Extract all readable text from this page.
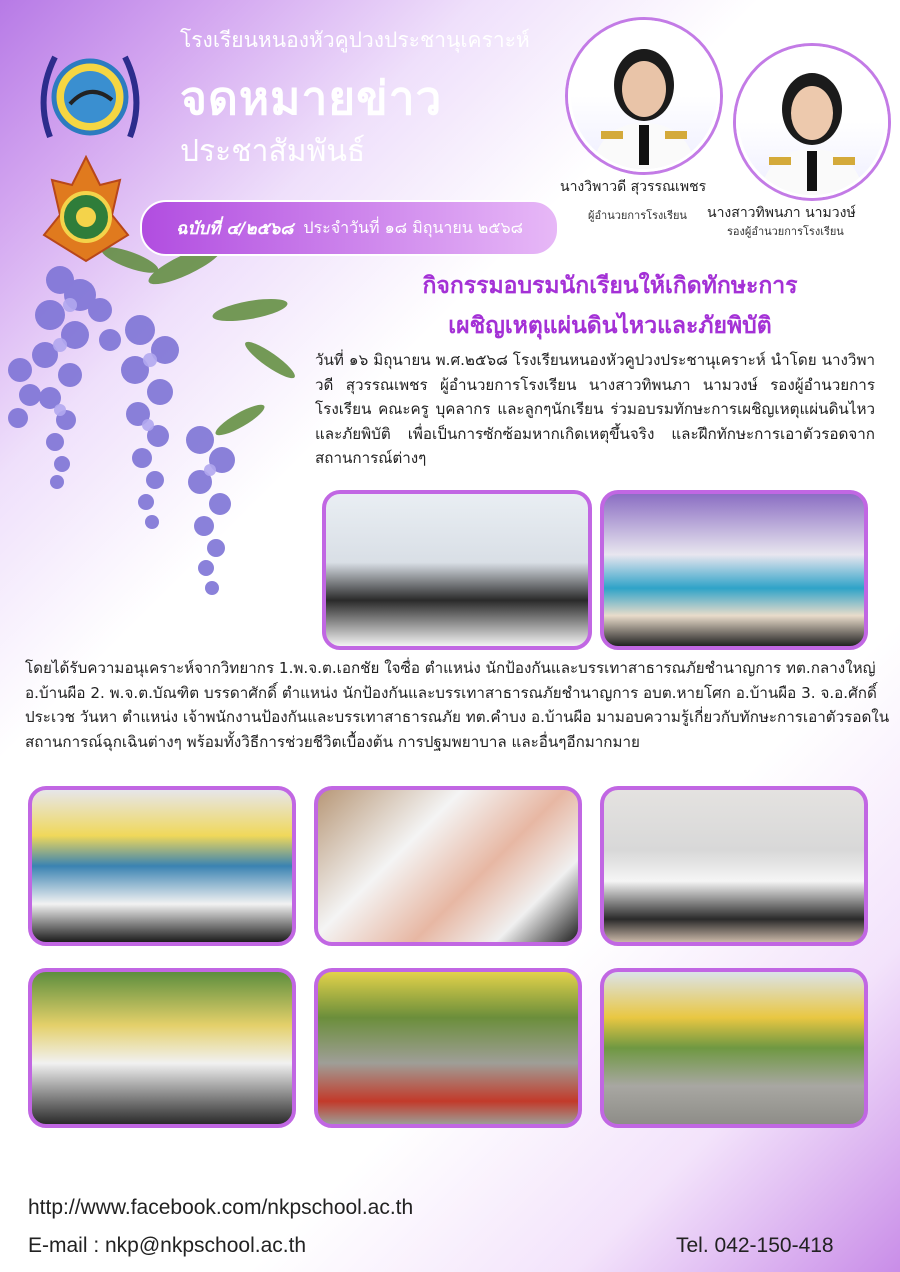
โรงเรียนหนองหัวคูปวงประชานุเคราะห์
จดหมายข่าว
ประชาสัมพันธ์
ฉบับที่ ๔/๒๕๖๘ ประจำวันที่ ๑๘ มิถุนายน ๒๕๖๘
นางวิพาวดี สุวรรณเพชร
ผู้อำนวยการโรงเรียน นางสาวทิพนภา นามวงษ์
รองผู้อำนวยการโรงเรียน
กิจกรรมอบรมนักเรียนให้เกิดทักษะการ
เผชิญเหตุแผ่นดินไหวและภัยพิบัติ
วันที่ ๑๖ มิถุนายน พ.ศ.๒๕๖๘ โรงเรียนหนองหัวคูปวงประชานุเคราะห์ นำโดย นางวิพาวดี สุวรรณเพชร ผู้อำนวยการโรงเรียน นางสาวทิพนภา นามวงษ์ รองผู้อำนวยการโรงเรียน คณะครู บุคลากร และลูกๆนักเรียน ร่วมอบรมทักษะการเผชิญเหตุแผ่นดินไหวและภัยพิบัติ เพื่อเป็นการซักซ้อมหากเกิดเหตุขึ้นจริง และฝึกทักษะการเอาตัวรอดจากสถานการณ์ต่างๆ
โดยได้รับความอนุเคราะห์จากวิทยากร 1.พ.จ.ต.เอกชัย ใจซื่อ ตำแหน่ง นักป้องกันและบรรเทาสาธารณภัยชำนาญการ ทต.กลางใหญ่ อ.บ้านผือ 2. พ.จ.ต.บัณฑิต บรรดาศักดิ์ ตำแหน่ง นักป้องกันและบรรเทาสาธารณภัยชำนาญการ อบต.หายโศก อ.บ้านผือ 3. จ.อ.ศักดิ์ประเวช วันหา ตำแหน่ง เจ้าพนักงานป้องกันและบรรเทาสาธารณภัย ทต.คำบง อ.บ้านผือ มามอบความรู้เกี่ยวกับทักษะการเอาตัวรอดในสถานการณ์ฉุกเฉินต่างๆ พร้อมทั้งวิธีการช่วยชีวิตเบื้องต้น การปฐมพยาบาล และอื่นๆอีกมากมาย
http://www.facebook.com/nkpschool.ac.th
E-mail : nkp@nkpschool.ac.th	Tel. 042-150-418
